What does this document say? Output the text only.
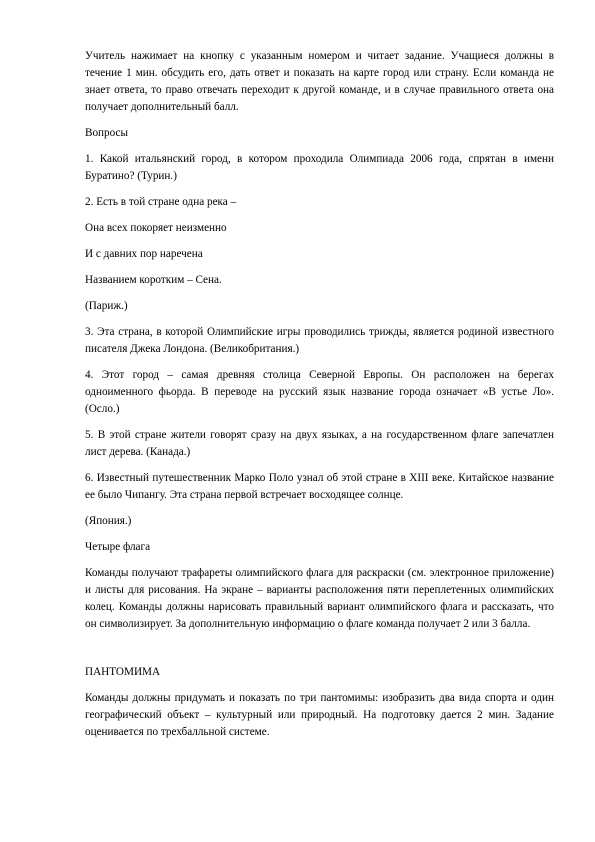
Учитель нажимает на кнопку с указанным номером и читает задание. Учащиеся должны в течение 1 мин. обсудить его, дать ответ и показать на карте город или страну. Если команда не знает ответа, то право отвечать переходит к другой команде, и в случае правильного ответа она получает дополнительный балл.

Вопросы

1. Какой итальянский город, в котором проходила Олимпиада 2006 года, спрятан в имени Буратино? (Турин.)

2. Есть в той стране одна река –

Она всех покоряет неизменно

И с давних пор наречена

Названием коротким – Сена.

(Париж.)

3. Эта страна, в которой Олимпийские игры проводились трижды, является родиной известного писателя Джека Лондона. (Великобритания.)

4. Этот город – самая древняя столица Северной Европы. Он расположен на берегах одноименного фьорда. В переводе на русский язык название города означает «В устье Ло». (Осло.)

5. В этой стране жители говорят сразу на двух языках, а на государственном флаге запечатлен лист дерева. (Канада.)

6. Известный путешественник Марко Поло узнал об этой стране в XIII веке. Китайское название ее было Чипангу. Эта страна первой встречает восходящее солнце.

(Япония.)

Четыре флага

Команды получают трафареты олимпийского флага для раскраски (см. электронное приложение) и листы для рисования. На экране – варианты расположения пяти переплетенных олимпийских колец. Команды должны нарисовать правильный вариант олимпийского флага и рассказать, что он символизирует. За дополнительную информацию о флаге команда получает 2 или 3 балла.

ПАНТОМИМА

Команды должны придумать и показать по три пантомимы: изобразить два вида спорта и один географический объект – культурный или природный. На подготовку дается 2 мин. Задание оценивается по трехбалльной системе.
